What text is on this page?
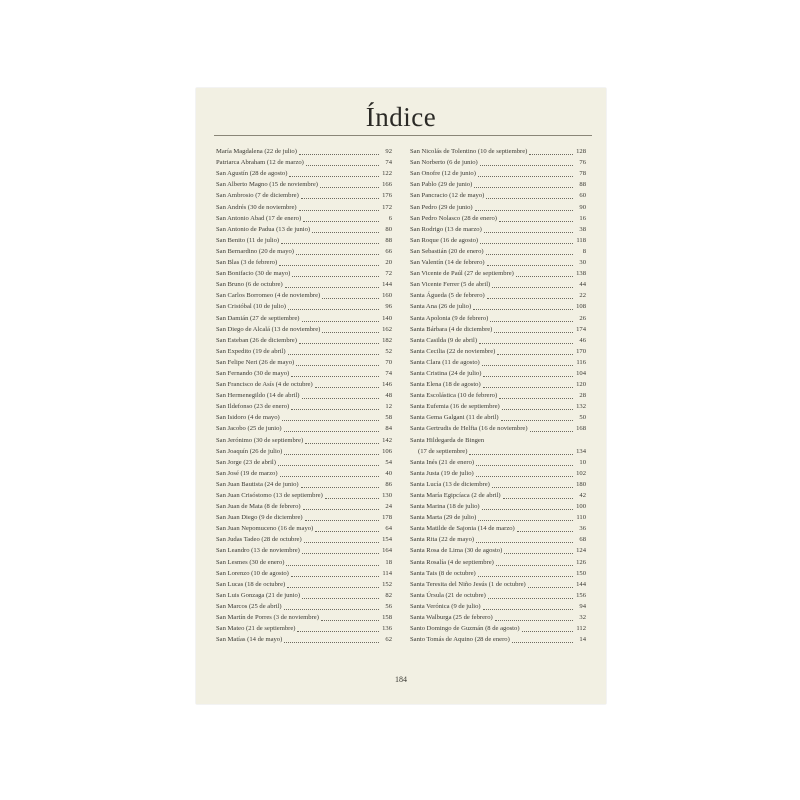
Índice
María Magdalena (22 de julio)	92
Patriarca Abraham (12 de marzo)	74
San Agustín (28 de agosto)	122
San Alberto Magno (15 de noviembre)	166
San Ambrosio (7 de diciembre)	176
San Andrés (30 de noviembre)	172
San Antonio Abad (17 de enero)	6
San Antonio de Padua (13 de junio)	80
San Benito (11 de julio)	88
San Bernardino (20 de mayo)	66
San Blas (3 de febrero)	20
San Bonifacio (30 de mayo)	72
San Bruno (6 de octubre)	144
San Carlos Borromeo (4 de noviembre)	160
San Cristóbal (10 de julio)	96
San Damián (27 de septiembre)	140
San Diego de Alcalá (13 de noviembre)	162
San Esteban (26 de diciembre)	182
San Expedito (19 de abril)	52
San Felipe Neri (26 de mayo)	70
San Fernando (30 de mayo)	74
San Francisco de Asís (4 de octubre)	146
San Hermenegildo (14 de abril)	48
San Ildefonso (23 de enero)	12
San Isidoro (4 de mayo)	58
San Jacobo (25 de junio)	84
San Jerónimo (30 de septiembre)	142
San Joaquín (26 de julio)	106
San Jorge (23 de abril)	54
San José (19 de marzo)	40
San Juan Bautista (24 de junio)	86
San Juan Crisóstomo (13 de septiembre)	130
San Juan de Mata (8 de febrero)	24
San Juan Diego (9 de diciembre)	178
San Juan Nepomuceno (16 de mayo)	64
San Judas Tadeo (28 de octubre)	154
San Leandro (13 de noviembre)	164
San Lesmes (30 de enero)	18
San Lorenzo (10 de agosto)	114
San Lucas (18 de octubre)	152
San Luis Gonzaga (21 de junio)	82
San Marcos (25 de abril)	56
San Martín de Porres (3 de noviembre)	158
San Mateo (21 de septiembre)	136
San Matías (14 de mayo)	62
San Nicolás de Tolentino (10 de septiembre)	128
San Norberto (6 de junio)	76
San Onofre (12 de junio)	78
San Pablo (29 de junio)	88
San Pancracio (12 de mayo)	60
San Pedro (29 de junio)	90
San Pedro Nolasco (28 de enero)	16
San Rodrigo (13 de marzo)	38
San Roque (16 de agosto)	118
San Sebastián (20 de enero)	8
San Valentín (14 de febrero)	30
San Vicente de Paúl (27 de septiembre)	138
San Vicente Ferrer (5 de abril)	44
Santa Águeda (5 de febrero)	22
Santa Ana (26 de julio)	108
Santa Apolonia (9 de febrero)	26
Santa Bárbara (4 de diciembre)	174
Santa Casilda (9 de abril)	46
Santa Cecilia (22 de noviembre)	170
Santa Clara (11 de agosto)	116
Santa Cristina (24 de julio)	104
Santa Elena (18 de agosto)	120
Santa Escolástica (10 de febrero)	28
Santa Eufemia (16 de septiembre)	132
Santa Gema Galgani (11 de abril)	50
Santa Gertrudis de Helfta (16 de noviembre)	168
Santa Hildegarda de Bingen
(17 de septiembre)	134
Santa Inés (21 de enero)	10
Santa Justa (19 de julio)	102
Santa Lucía (13 de diciembre)	180
Santa María Egipcíaca (2 de abril)	42
Santa Marina (18 de julio)	100
Santa Marta (29 de julio)	110
Santa Matilde de Sajonia (14 de marzo)	36
Santa Rita (22 de mayo)	68
Santa Rosa de Lima (30 de agosto)	124
Santa Rosalía (4 de septiembre)	126
Santa Tais (8 de octubre)	150
Santa Teresita del Niño Jesús (1 de octubre)	144
Santa Úrsula (21 de octubre)	156
Santa Verónica (9 de julio)	94
Santa Walburga (25 de febrero)	32
Santo Domingo de Guzmán (8 de agosto)	112
Santo Tomás de Aquino (28 de enero)	14
184
